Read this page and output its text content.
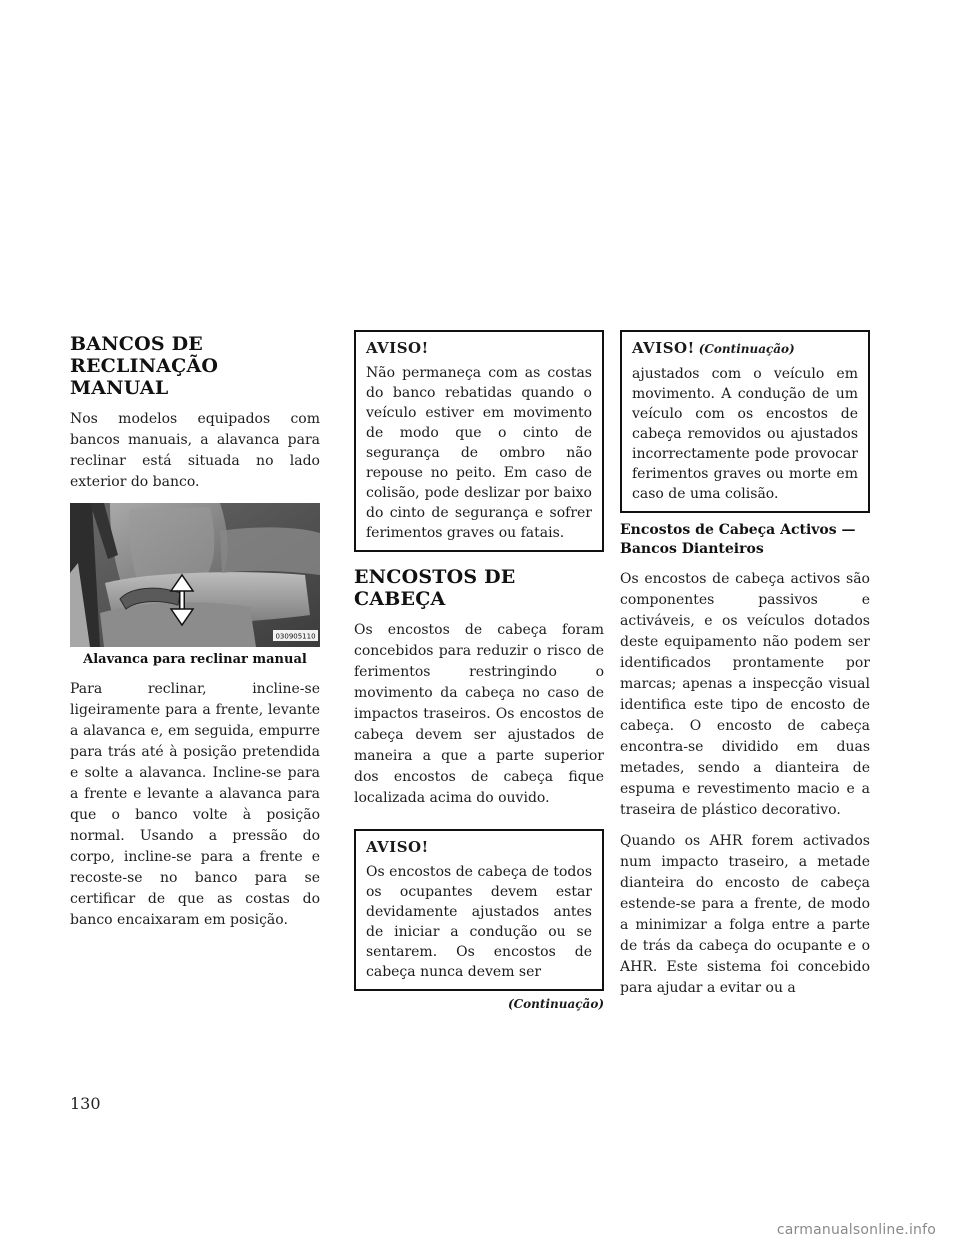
BANCOS DE RECLINAÇÃO MANUAL

Nos modelos equipados com bancos manuais, a alavanca para reclinar está situada no lado exterior do banco.

030905110
Alavanca para reclinar manual

Para reclinar, incline-se ligeiramente para a frente, levante a alavanca e, em seguida, empurre para trás até à posição pretendida e solte a alavanca. Incline-se para a frente e levante a alavanca para que o banco volte à posição normal. Usando a pressão do corpo, incline-se para a frente e recoste-se no banco para se certificar de que as costas do banco encaixaram em posição.

AVISO!

Não permaneça com as costas do banco rebatidas quando o veículo estiver em movimento de modo que o cinto de segurança de ombro não repouse no peito. Em caso de colisão, pode deslizar por baixo do cinto de segurança e sofrer ferimentos graves ou fatais.

ENCOSTOS DE CABEÇA

Os encostos de cabeça foram concebidos para reduzir o risco de ferimentos restringindo o movimento da cabeça no caso de impactos traseiros. Os encostos de cabeça devem ser ajustados de maneira a que a parte superior dos encostos de cabeça fique localizada acima do ouvido.

AVISO!

Os encostos de cabeça de todos os ocupantes devem estar devidamente ajustados antes de iniciar a condução ou se sentarem. Os encostos de cabeça nunca devem ser

(Continuação)
AVISO! (Continuação)

ajustados com o veículo em movimento. A condução de um veículo com os encostos de cabeça removidos ou ajustados incorrectamente pode provocar ferimentos graves ou morte em caso de uma colisão.

Encostos de Cabeça Activos — Bancos Dianteiros

Os encostos de cabeça activos são componentes passivos e activáveis, e os veículos dotados deste equipamento não podem ser identificados prontamente por marcas; apenas a inspecção visual identifica este tipo de encosto de cabeça. O encosto de cabeça encontra-se dividido em duas metades, sendo a dianteira de espuma e revestimento macio e a traseira de plástico decorativo.

Quando os AHR forem activados num impacto traseiro, a metade dianteira do encosto de cabeça estende-se para a frente, de modo a minimizar a folga entre a parte de trás da cabeça do ocupante e o AHR. Este sistema foi concebido para ajudar a evitar ou a

130
carmanualsonline.info
